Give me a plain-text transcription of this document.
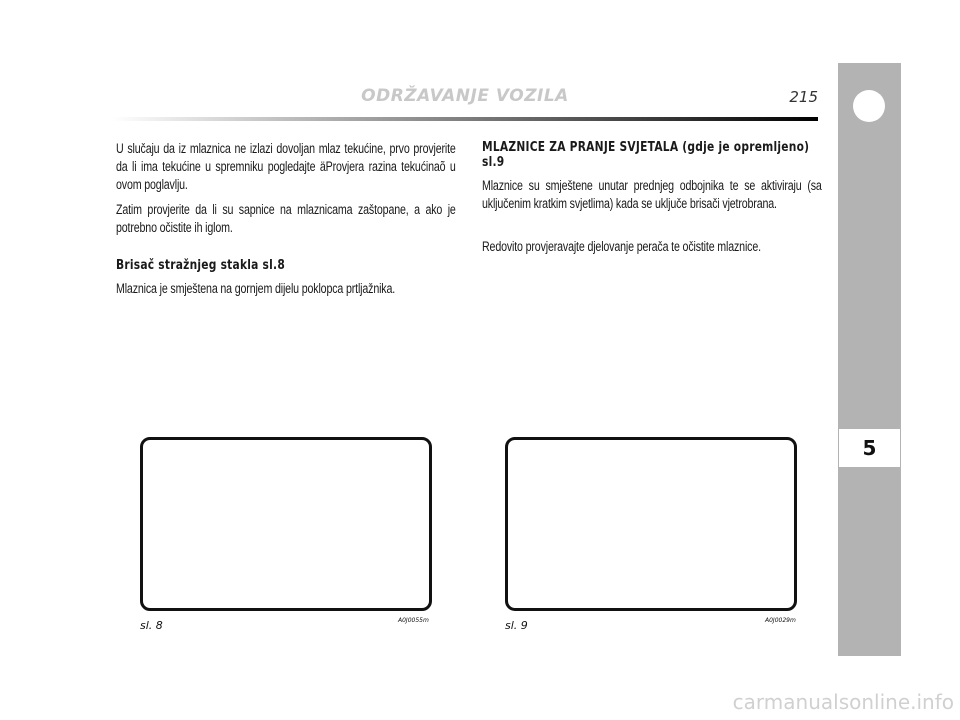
ODRŽAVANJE VOZILA	215
5

U slučaju da iz mlaznica ne izlazi dovoljan mlaz tekućine, prvo provjerite da li ima tekućine u spremniku pogledajte äProvjera razina tekućinaõ u ovom poglavlju.

Zatim provjerite da li su sapnice na mlaznicama zaštopane, a ako je potrebno očistite ih iglom.

Brisač stražnjeg stakla sl.8

Mlaznica je smještena na gornjem dijelu poklopca prtljažnika.

MLAZNICE ZA PRANJE SVJETALA (gdje je opremljeno) sl.9

Mlaznice su smještene unutar prednjeg odbojnika te se aktiviraju (sa uključenim kratkim svjetlima) kada se uključe brisači vjetrobrana.

Redovito provjeravajte djelovanje perača te očistite mlaznice.

sl. 8	A0J0055m	sl. 9	A0J0029m
carmanualsonline.info
